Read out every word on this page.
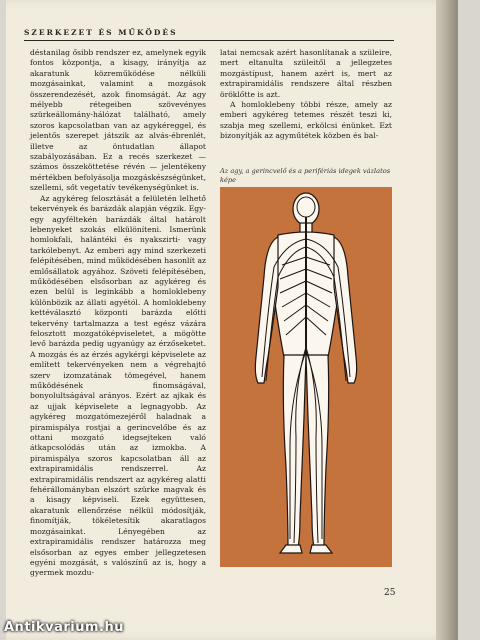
SZERKEZET ÉS MŰKÖDÉS

déstanilag ősibb rendszer ez, amelynek egyik fontos központja, a kisagy, irányítja az akaratunk közreműködése nélküli mozgásainkat, valamint a mozgások összerendezését, azok finomságát. Az agy mélyebb rétegeiben szövevényes szürkeállomány-hálózat található, amely szoros kapcsolatban van az agykéreggel, és jelentős szerepet játszik az alvás-ébrenlét, illetve az öntudatlan állapot szabályozásában. Ez a recés szerkezet — számos összeköttetése révén — jelentékeny mértékben befolyásolja mozgáskészségünket, szellemi, sőt vegetatív tevékenységünket is.

Az agykéreg felosztását a felületén lelhető tekervények és barázdák alapján végzik. Egy-egy agyféltekén barázdák által határolt lebenyeket szokás elkülöníteni. Ismerünk homlokfali, halántéki és nyakszirti- vagy tarkólebenyt. Az emberi agy mind szerkezeti felépítésében, mind működésében hasonlít az emlősállatok agyához. Szöveti felépítésében, működésében elsősorban az agykéreg és ezen belül is leginkább a homloklebeny különbözik az állati agyétól. A homloklebeny kettéválasztó központi barázda előtti tekervény tartalmazza a test egész vázára felosztott mozgatóképviseletet, a mögötte levő barázda pedig ugyanúgy az érzőseketet. A mozgás és az érzés agykérgi képviselete az említett tekervényeken nem a végrehajtó szerv izomzatának tömegével, hanem működésének finomságával, bonyolultságával arányos. Ezért az ajkak és az ujjak képviselete a legnagyobb. Az agykéreg mozgatómezejéről haladnak a piramispálya rostjai a gerincvelőbe és az ottani mozgató idegsejteken való átkapcsolódás után az izmokba. A piramispálya szoros kapcsolatban áll az extrapiramidális rendszerrel. Az extrapiramidális rendszert az agykéreg alatti fehérállományban elszórt szürke magvak és a kisagy képviseli. Ezek együttesen, akaratunk ellenőrzése nélkül módosítják, finomítják, tökéletesítik akaratlagos mozgásainkat. Lényegében az extrapiramidális rendszer határozza meg elsősorban az egyes ember jellegzetesen egyéni mozgását, s valószínű az is, hogy a gyermek mozdu-

latai nemcsak azért hasonlítanak a szüleire, mert eltanulta szüleitől a jellegzetes mozgástípust, hanem azért is, mert az extrapiramidális rendszere által részben öröklőtte is azt.

A homloklebeny többi része, amely az emberi agykéreg tetemes részét teszi ki, szabja meg szellemi, erkölcsi énünket. Ezt bizonyítják az agyműtétek közben és bal-

Az agy, a gerincvelő és a perifériás idegek vázlatos képe
25
Antikvarium.hu
